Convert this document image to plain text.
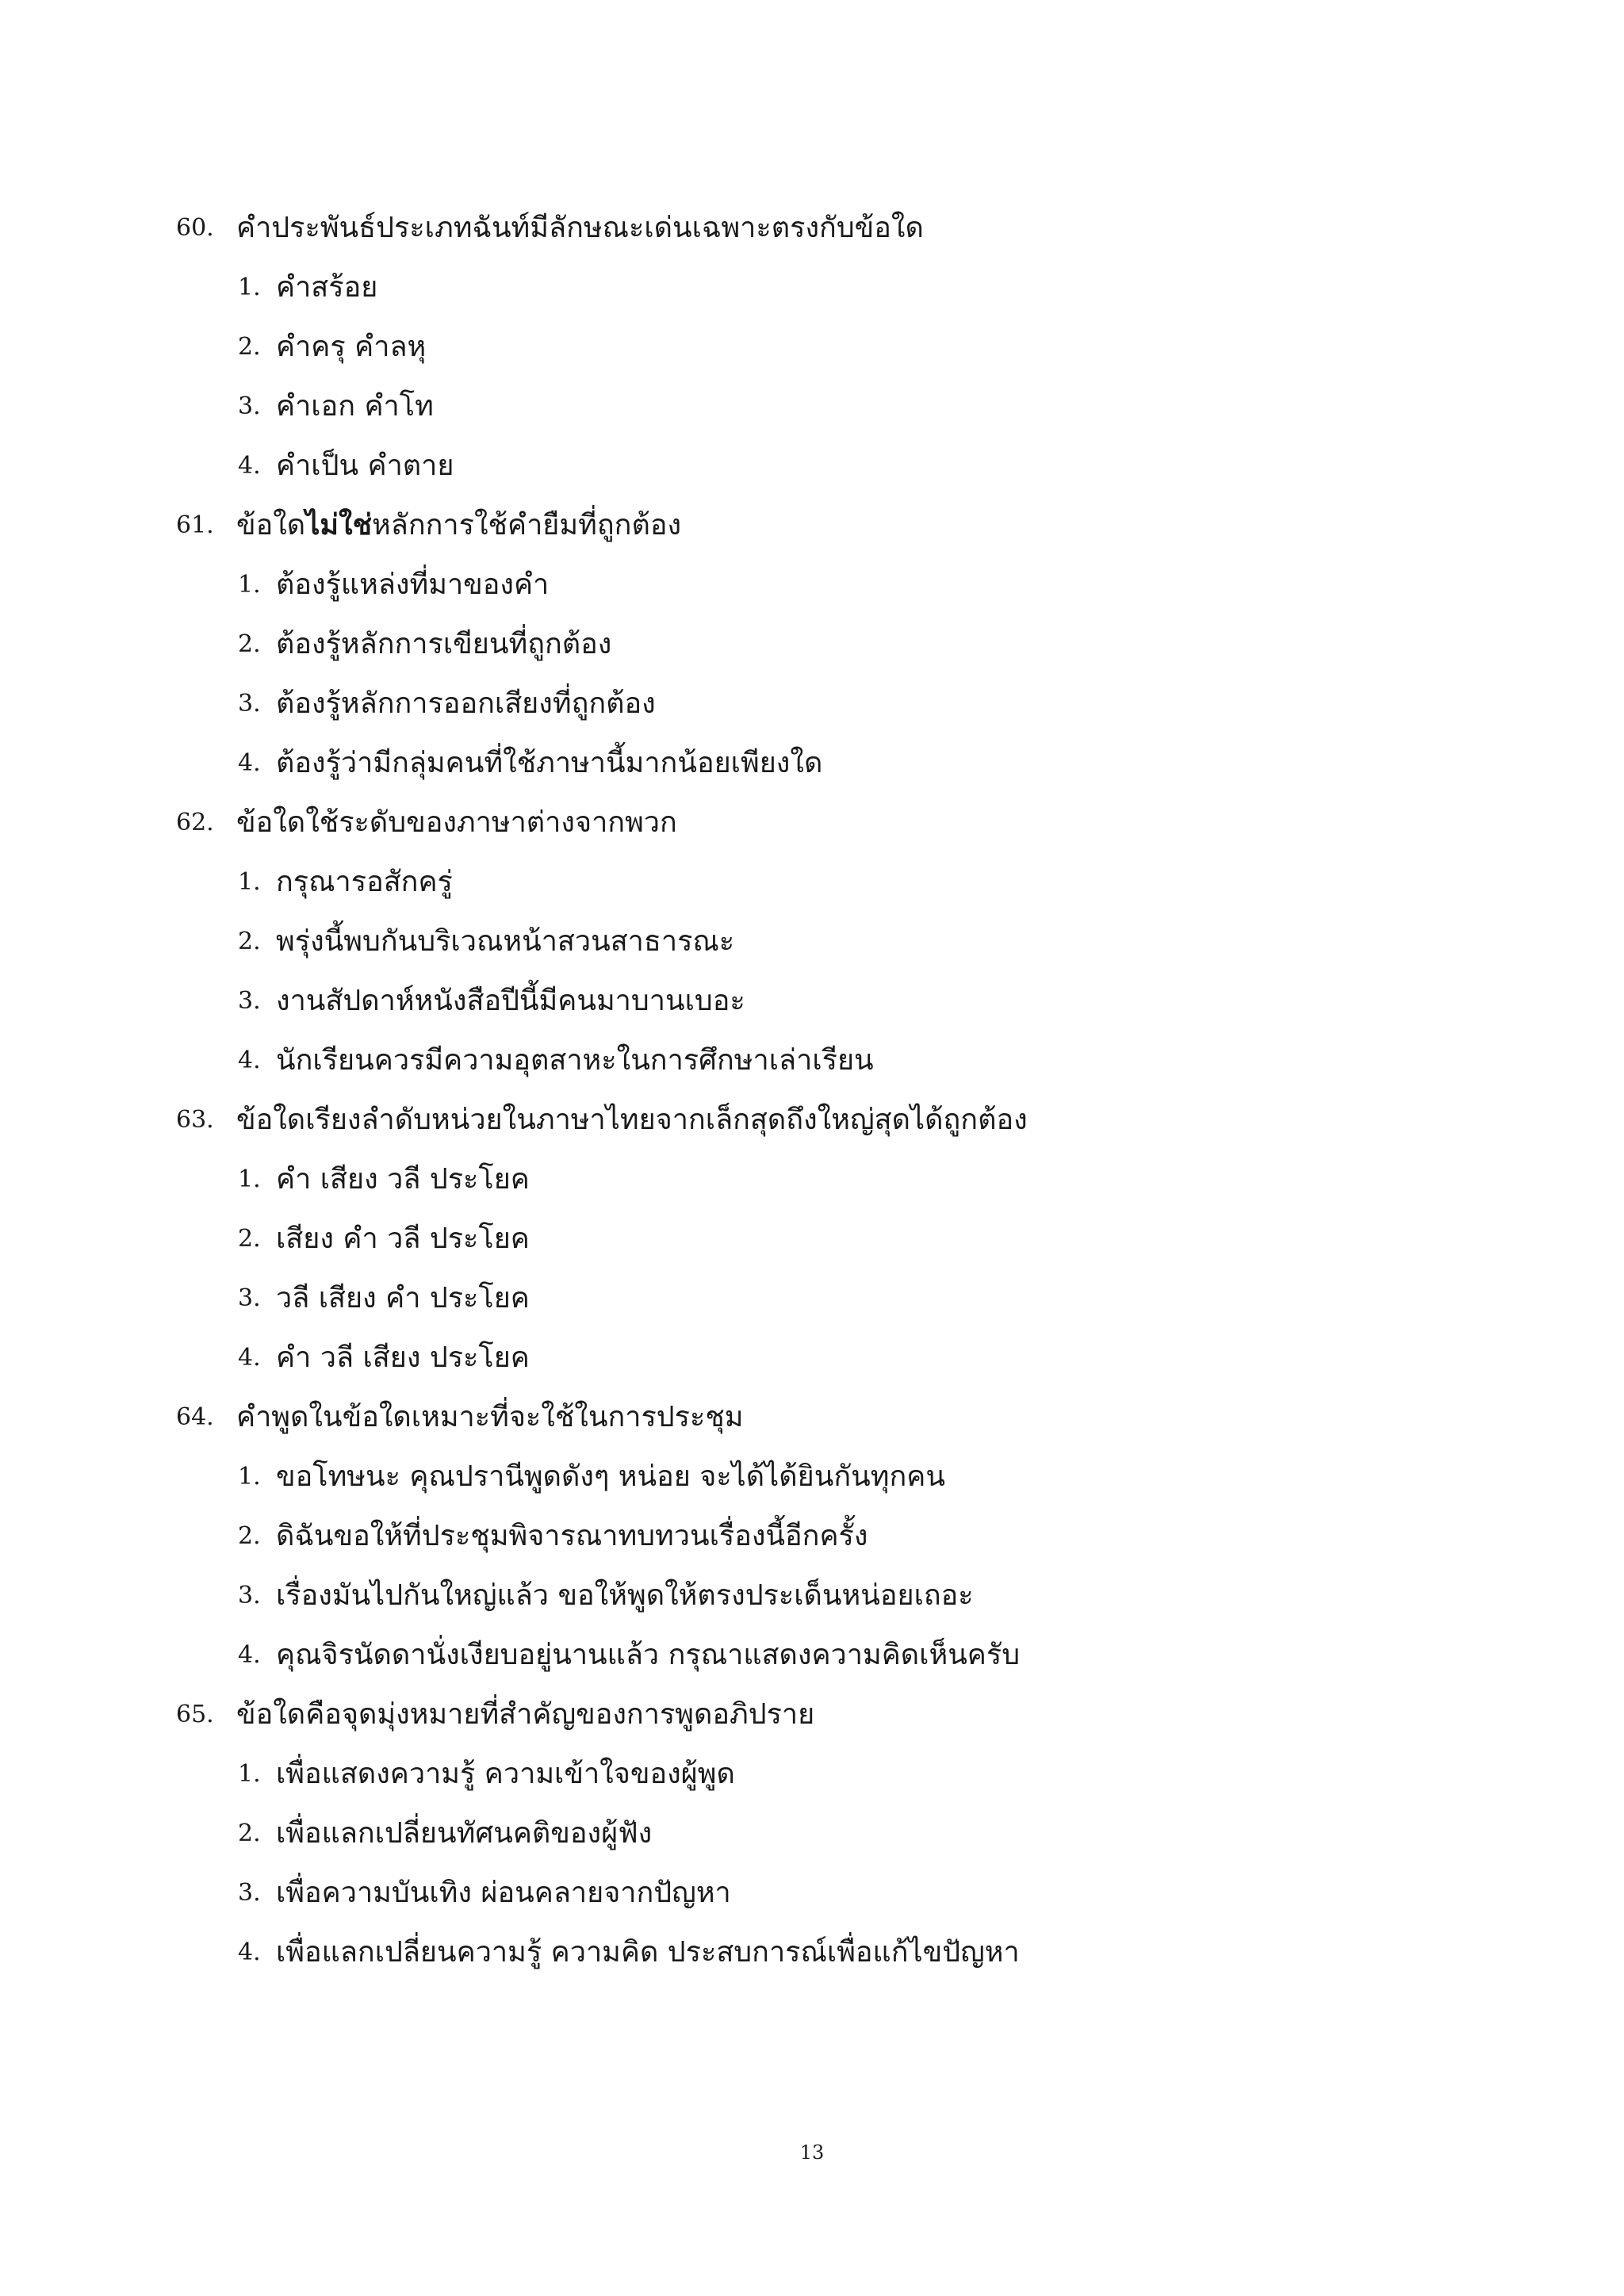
60. คำประพันธ์ประเภทฉันท์มีลักษณะเด่นเฉพาะตรงกับข้อใด
1. คำสร้อย
2. คำครุ คำลหุ
3. คำเอก คำโท
4. คำเป็น คำตาย
61. ข้อใดไม่ใช่หลักการใช้คำยืมที่ถูกต้อง
1. ต้องรู้แหล่งที่มาของคำ
2. ต้องรู้หลักการเขียนที่ถูกต้อง
3. ต้องรู้หลักการออกเสียงที่ถูกต้อง
4. ต้องรู้ว่ามีกลุ่มคนที่ใช้ภาษานี้มากน้อยเพียงใด
62. ข้อใดใช้ระดับของภาษาต่างจากพวก
1. กรุณารอสักครู่
2. พรุ่งนี้พบกันบริเวณหน้าสวนสาธารณะ
3. งานสัปดาห์หนังสือปีนี้มีคนมาบานเบอะ
4. นักเรียนควรมีความอุตสาหะในการศึกษาเล่าเรียน
63. ข้อใดเรียงลำดับหน่วยในภาษาไทยจากเล็กสุดถึงใหญ่สุดได้ถูกต้อง
1. คำ เสียง วลี ประโยค
2. เสียง คำ วลี ประโยค
3. วลี เสียง คำ ประโยค
4. คำ วลี เสียง ประโยค
64. คำพูดในข้อใดเหมาะที่จะใช้ในการประชุม
1. ขอโทษนะ คุณปรานีพูดดังๆ หน่อย จะได้ได้ยินกันทุกคน
2. ดิฉันขอให้ที่ประชุมพิจารณาทบทวนเรื่องนี้อีกครั้ง
3. เรื่องมันไปกันใหญ่แล้ว ขอให้พูดให้ตรงประเด็นหน่อยเถอะ
4. คุณจิรนัดดานั่งเงียบอยู่นานแล้ว กรุณาแสดงความคิดเห็นครับ
65. ข้อใดคือจุดมุ่งหมายที่สำคัญของการพูดอภิปราย
1. เพื่อแสดงความรู้ ความเข้าใจของผู้พูด
2. เพื่อแลกเปลี่ยนทัศนคติของผู้ฟัง
3. เพื่อความบันเทิง ผ่อนคลายจากปัญหา
4. เพื่อแลกเปลี่ยนความรู้ ความคิด ประสบการณ์เพื่อแก้ไขปัญหา
13
